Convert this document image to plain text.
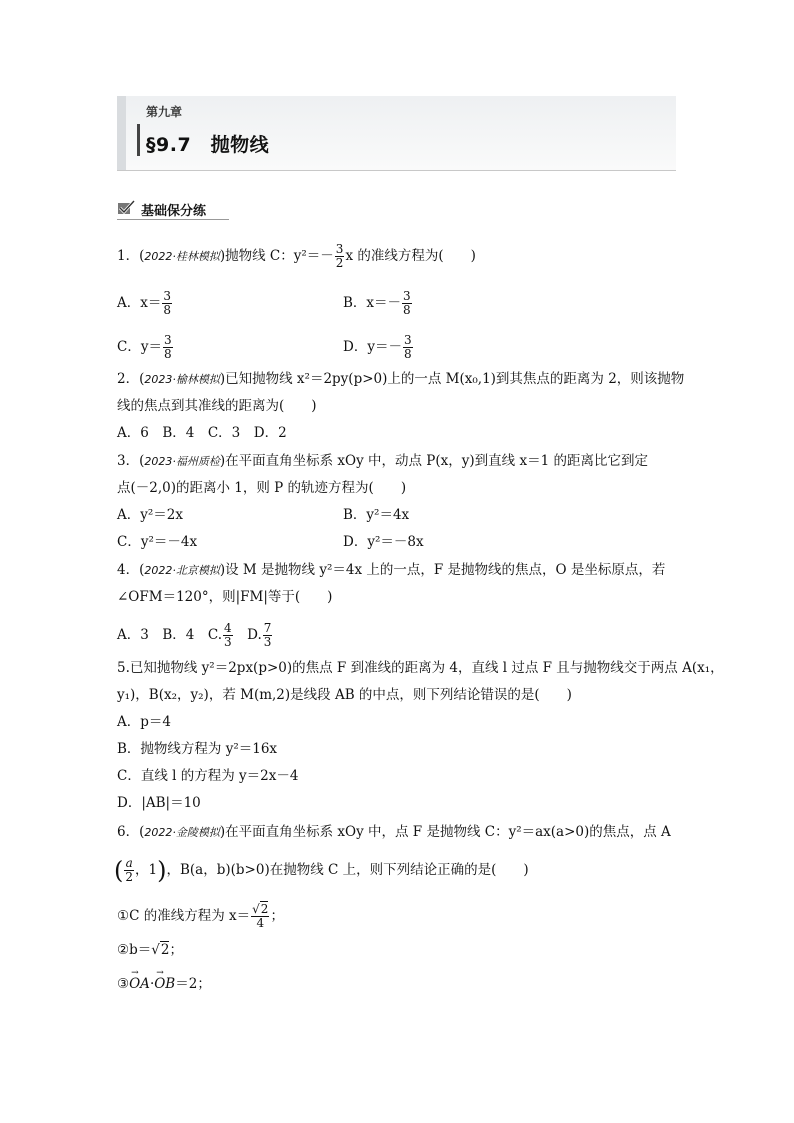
第九章
§9.7　抛物线
基础保分练
1．(2022·桂林模拟)抛物线 C：$y^2=- \frac{3}{2}$ x 的准线方程为(　　)
A．$x= \frac{3}{8}$	B．$x=- \frac{3}{8}$
C．$y= \frac{3}{8}$	D．$y=- \frac{3}{8}$
2．(2023·榆林模拟)已知抛物线 x²＝2py(p>0)上的一点 M(x₀,1)到其焦点的距离为 2，则该抛物
线的焦点到其准线的距离为(　　)
A．6　B．4　C．3　D．2
3．(2023·福州质检)在平面直角坐标系 xOy 中，动点 P(x，y)到直线 x＝1 的距离比它到定
点(－2,0)的距离小 1，则 P 的轨迹方程为(　　)
A．y²＝2x	B．y²＝4x
C．y²＝－4x	D．y²＝－8x
4．(2022·北京模拟)设 M 是抛物线 y²＝4x 上的一点，F 是抛物线的焦点，O 是坐标原点，若
∠OFM＝120°，则|FM|等于(　　)
A．3　B．4　C. $\frac{4}{3}$ 　D. $\frac{7}{3}$
5.已知抛物线 y²＝2px(p>0)的焦点 F 到准线的距离为 4，直线 l 过点 F 且与抛物线交于两点 A(x₁，
y₁)，B(x₂，y₂)，若 M(m,2)是线段 AB 的中点，则下列结论错误的是(　　)
A．p＝4
B．抛物线方程为 y²＝16x
C．直线 l 的方程为 y＝2x－4
D．|AB|＝10
6．(2022·金陵模拟)在平面直角坐标系 xOy 中，点 F 是抛物线 C：y²＝ax(a>0)的焦点，点 A
( $\frac{a}{2}$ ，1)，B(a，b)(b>0)在抛物线 C 上，则下列结论正确的是(　　)
①C 的准线方程为 $x= \frac{√2}{4}$ ；
②b＝√2；
③→ OA·→ OB＝2；
